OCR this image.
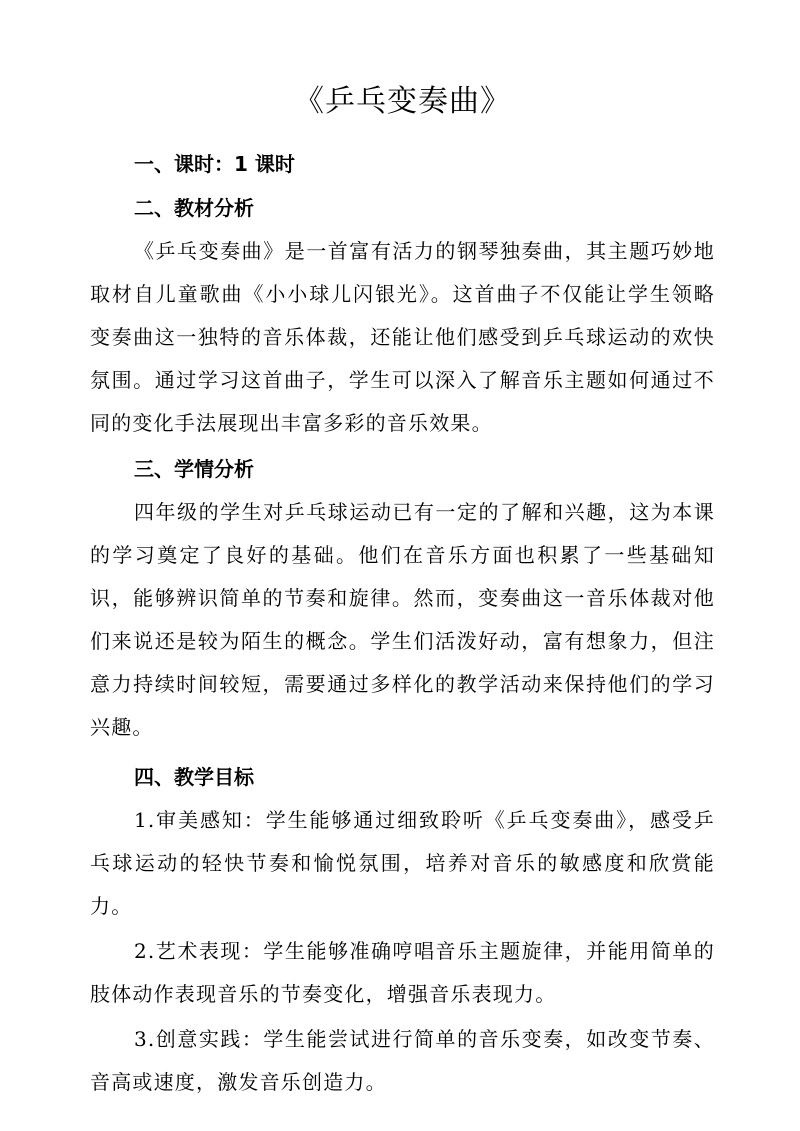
《乒乓变奏曲》
一、课时：1 课时
二、教材分析

《乒乓变奏曲》是一首富有活力的钢琴独奏曲，其主题巧妙地取材自儿童歌曲《小小球儿闪银光》。这首曲子不仅能让学生领略变奏曲这一独特的音乐体裁，还能让他们感受到乒乓球运动的欢快氛围。通过学习这首曲子，学生可以深入了解音乐主题如何通过不同的变化手法展现出丰富多彩的音乐效果。

三、学情分析

四年级的学生对乒乓球运动已有一定的了解和兴趣，这为本课的学习奠定了良好的基础。他们在音乐方面也积累了一些基础知识，能够辨识简单的节奏和旋律。然而，变奏曲这一音乐体裁对他们来说还是较为陌生的概念。学生们活泼好动，富有想象力，但注意力持续时间较短，需要通过多样化的教学活动来保持他们的学习兴趣。

四、教学目标

1.审美感知：学生能够通过细致聆听《乒乓变奏曲》，感受乒乓球运动的轻快节奏和愉悦氛围，培养对音乐的敏感度和欣赏能力。

2.艺术表现：学生能够准确哼唱音乐主题旋律，并能用简单的肢体动作表现音乐的节奏变化，增强音乐表现力。

3.创意实践：学生能尝试进行简单的音乐变奏，如改变节奏、音高或速度，激发音乐创造力。
